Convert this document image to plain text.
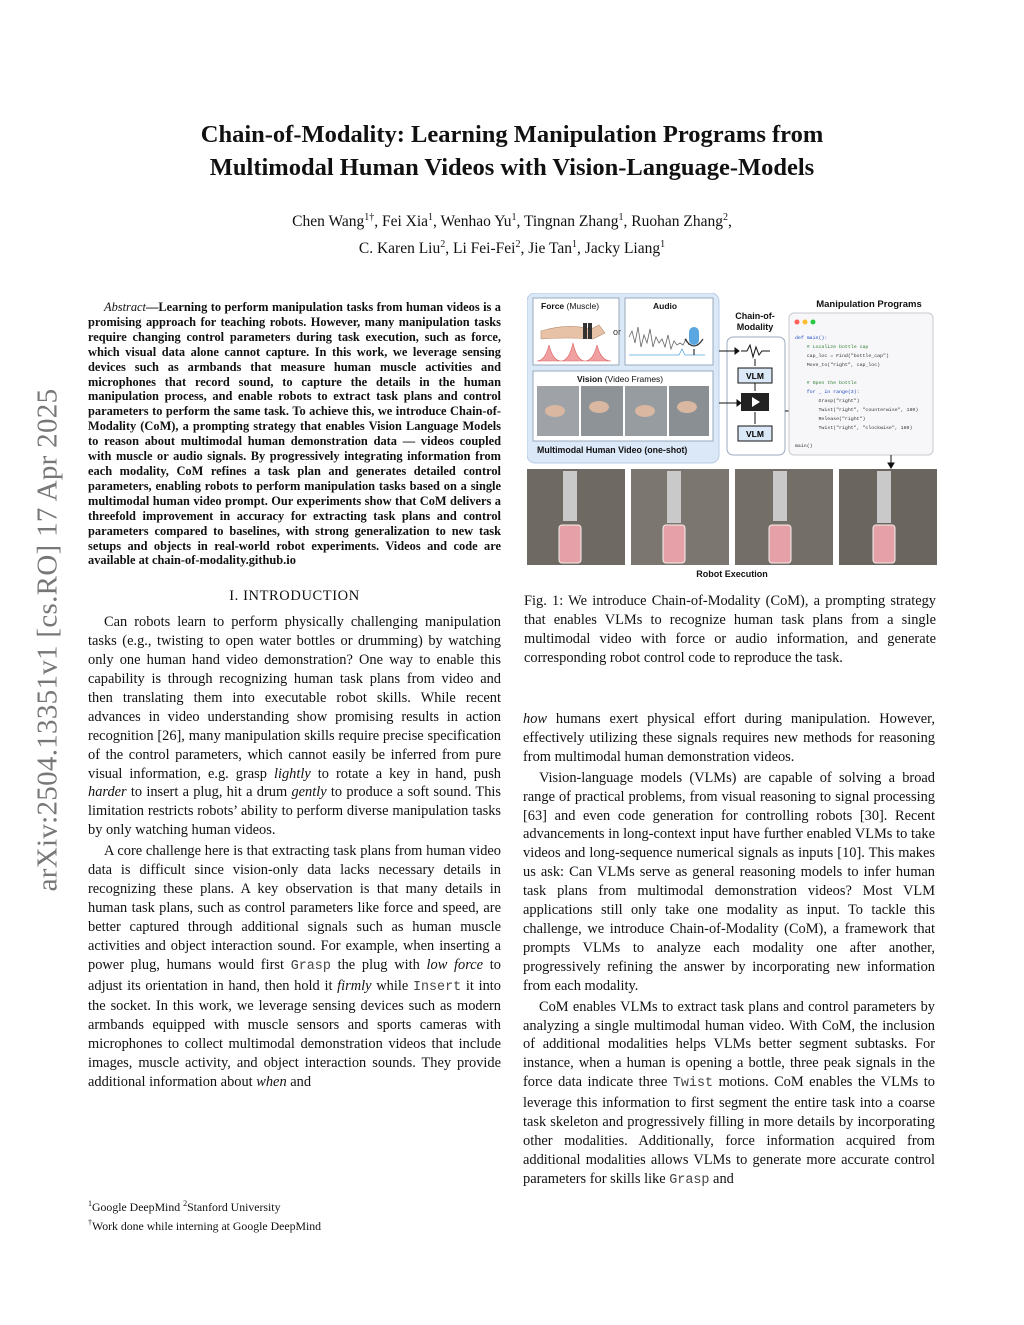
arXiv:2504.13351v1 [cs.RO] 17 Apr 2025
Chain-of-Modality: Learning Manipulation Programs from
Multimodal Human Videos with Vision-Language-Models
Chen Wang$^{1\dagger}$, Fei Xia$^1$, Wenhao Yu$^1$, Tingnan Zhang$^1$, Ruohan Zhang$^2$,
C. Karen Liu$^2$, Li Fei-Fei$^2$, Jie Tan$^1$, Jacky Liang$^1$

Abstract—Learning to perform manipulation tasks from human videos is a promising approach for teaching robots. However, many manipulation tasks require changing control parameters during task execution, such as force, which visual data alone cannot capture. In this work, we leverage sensing devices such as armbands that measure human muscle activities and microphones that record sound, to capture the details in the human manipulation process, and enable robots to extract task plans and control parameters to perform the same task. To achieve this, we introduce Chain-of-Modality (CoM), a prompting strategy that enables Vision Language Models to reason about multimodal human demonstration data — videos coupled with muscle or audio signals. By progressively integrating information from each modality, CoM refines a task plan and generates detailed control parameters, enabling robots to perform manipulation tasks based on a single multimodal human video prompt. Our experiments show that CoM delivers a threefold improvement in accuracy for extracting task plans and control parameters compared to baselines, with strong generalization to new task setups and objects in real-world robot experiments. Videos and code are available at chain-of-modality.github.io

I. INTRODUCTION

Can robots learn to perform physically challenging manipulation tasks (e.g., twisting to open water bottles or drumming) by watching only one human hand video demonstration? One way to enable this capability is through recognizing human task plans from video and then translating them into executable robot skills. While recent advances in video understanding show promising results in action recognition [26], many manipulation skills require precise specification of the control parameters, which cannot easily be inferred from pure visual information, e.g. grasp lightly to rotate a key in hand, push harder to insert a plug, hit a drum gently to produce a soft sound. This limitation restricts robots’ ability to perform diverse manipulation tasks by only watching human videos.

A core challenge here is that extracting task plans from human video data is difficult since vision-only data lacks necessary details in recognizing these plans. A key observation is that many details in human task plans, such as control parameters like force and speed, are better captured through additional signals such as human muscle activities and object interaction sound. For example, when inserting a power plug, humans would first Grasp the plug with low force to adjust its orientation in hand, then hold it firmly while Insert it into the socket. In this work, we leverage sensing devices such as modern armbands equipped with muscle sensors and sports cameras with microphones to collect multimodal demonstration videos that include images, muscle activity, and object interaction sounds. They provide additional information about when and

$^1$Google DeepMind $^2$Stanford University
†Work done while interning at Google DeepMind
Force (Muscle)
or
Audio
Vision (Video Frames)
Multimodal Human Video (one-shot)
Chain-of-
Modality
VLM
VLM
Manipulation Programs
def main():
# Localize bottle cap
cap_loc = Find("bottle_cap")
Move_to("right", cap_loc)
# Open the bottle
for _ in range(3):
Grasp("right")
Twist("right", "counterwise", 180)
Release("right")
Twist("right", "clockwise", 180)
main()
Robot Execution
Fig. 1: We introduce Chain-of-Modality (CoM), a prompting strategy that enables VLMs to recognize human task plans from a single multimodal video with force or audio information, and generate corresponding robot control code to reproduce the task.

how humans exert physical effort during manipulation. However, effectively utilizing these signals requires new methods for reasoning from multimodal human demonstration videos.

Vision-language models (VLMs) are capable of solving a broad range of practical problems, from visual reasoning to signal processing [63] and even code generation for controlling robots [30]. Recent advancements in long-context input have further enabled VLMs to take videos and long-sequence numerical signals as inputs [10]. This makes us ask: Can VLMs serve as general reasoning models to infer human task plans from multimodal demonstration videos? Most VLM applications still only take one modality as input. To tackle this challenge, we introduce Chain-of-Modality (CoM), a framework that prompts VLMs to analyze each modality one after another, progressively refining the answer by incorporating new information from each modality.

CoM enables VLMs to extract task plans and control parameters by analyzing a single multimodal human video. With CoM, the inclusion of additional modalities helps VLMs better segment subtasks. For instance, when a human is opening a bottle, three peak signals in the force data indicate three Twist motions. CoM enables the VLMs to leverage this information to first segment the entire task into a coarse task skeleton and progressively filling in more details by incorporating other modalities. Additionally, force information acquired from additional modalities allows VLMs to generate more accurate control parameters for skills like Grasp and
